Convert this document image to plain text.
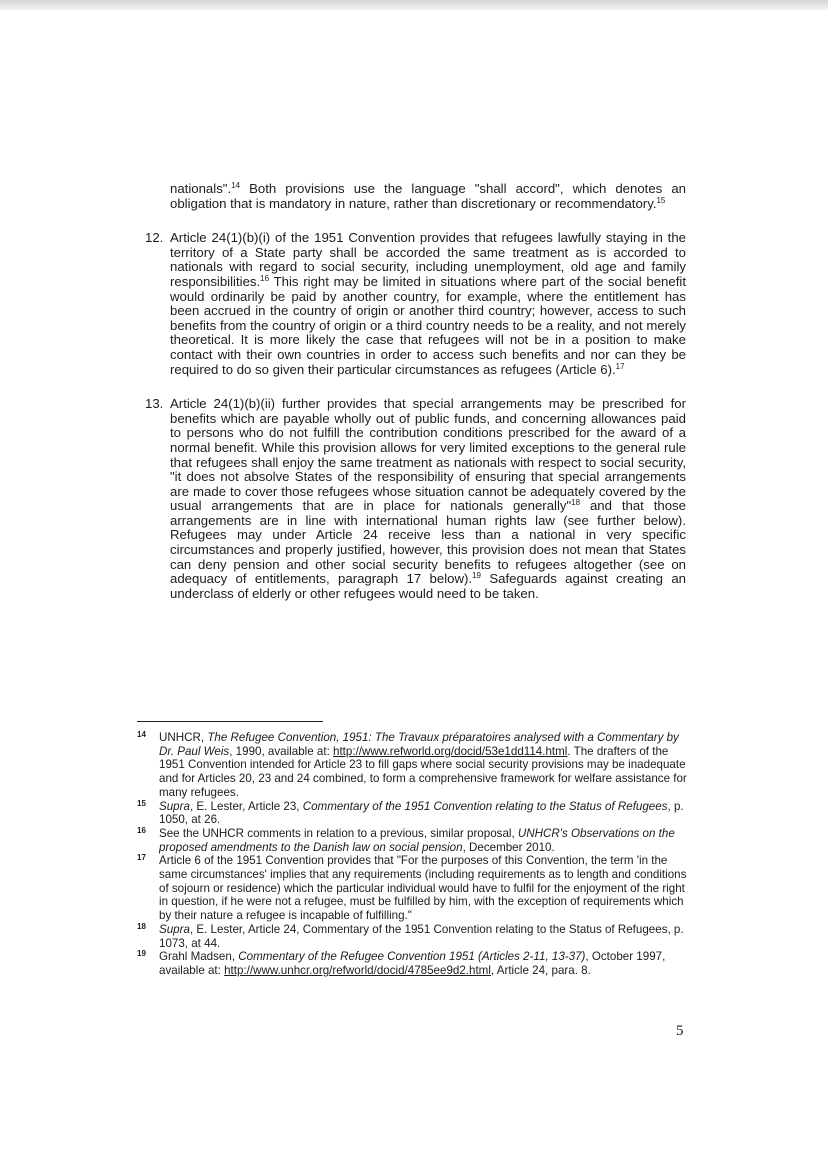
nationals".$^{14}$ Both provisions use the language "shall accord", which denotes an obligation that is mandatory in nature, rather than discretionary or recommendatory.$^{15}$

12. Article 24(1)(b)(i) of the 1951 Convention provides that refugees lawfully staying in the territory of a State party shall be accorded the same treatment as is accorded to nationals with regard to social security, including unemployment, old age and family responsibilities.$^{16}$ This right may be limited in situations where part of the social benefit would ordinarily be paid by another country, for example, where the entitlement has been accrued in the country of origin or another third country; however, access to such benefits from the country of origin or a third country needs to be a reality, and not merely theoretical. It is more likely the case that refugees will not be in a position to make contact with their own countries in order to access such benefits and nor can they be required to do so given their particular circumstances as refugees (Article 6).$^{17}$

13. Article 24(1)(b)(ii) further provides that special arrangements may be prescribed for benefits which are payable wholly out of public funds, and concerning allowances paid to persons who do not fulfill the contribution conditions prescribed for the award of a normal benefit. While this provision allows for very limited exceptions to the general rule that refugees shall enjoy the same treatment as nationals with respect to social security, "it does not absolve States of the responsibility of ensuring that special arrangements are made to cover those refugees whose situation cannot be adequately covered by the usual arrangements that are in place for nationals generally"$^{18}$ and that those arrangements are in line with international human rights law (see further below). Refugees may under Article 24 receive less than a national in very specific circumstances and properly justified, however, this provision does not mean that States can deny pension and other social security benefits to refugees altogether (see on adequacy of entitlements, paragraph 17 below).$^{19}$ Safeguards against creating an underclass of elderly or other refugees would need to be taken.

14 UNHCR, The Refugee Convention, 1951: The Travaux préparatoires analysed with a Commentary by Dr. Paul Weis, 1990, available at: http://www.refworld.org/docid/53e1dd114.html. The drafters of the 1951 Convention intended for Article 23 to fill gaps where social security provisions may be inadequate and for Articles 20, 23 and 24 combined, to form a comprehensive framework for welfare assistance for many refugees.

15 Supra, E. Lester, Article 23, Commentary of the 1951 Convention relating to the Status of Refugees, p. 1050, at 26.

16 See the UNHCR comments in relation to a previous, similar proposal, UNHCR's Observations on the proposed amendments to the Danish law on social pension, December 2010.

17 Article 6 of the 1951 Convention provides that "For the purposes of this Convention, the term 'in the same circumstances' implies that any requirements (including requirements as to length and conditions of sojourn or residence) which the particular individual would have to fulfil for the enjoyment of the right in question, if he were not a refugee, must be fulfilled by him, with the exception of requirements which by their nature a refugee is incapable of fulfilling."

18 Supra, E. Lester, Article 24, Commentary of the 1951 Convention relating to the Status of Refugees, p. 1073, at 44.

19 Grahl Madsen, Commentary of the Refugee Convention 1951 (Articles 2-11, 13-37), October 1997, available at: http://www.unhcr.org/refworld/docid/4785ee9d2.html, Article 24, para. 8.

5
